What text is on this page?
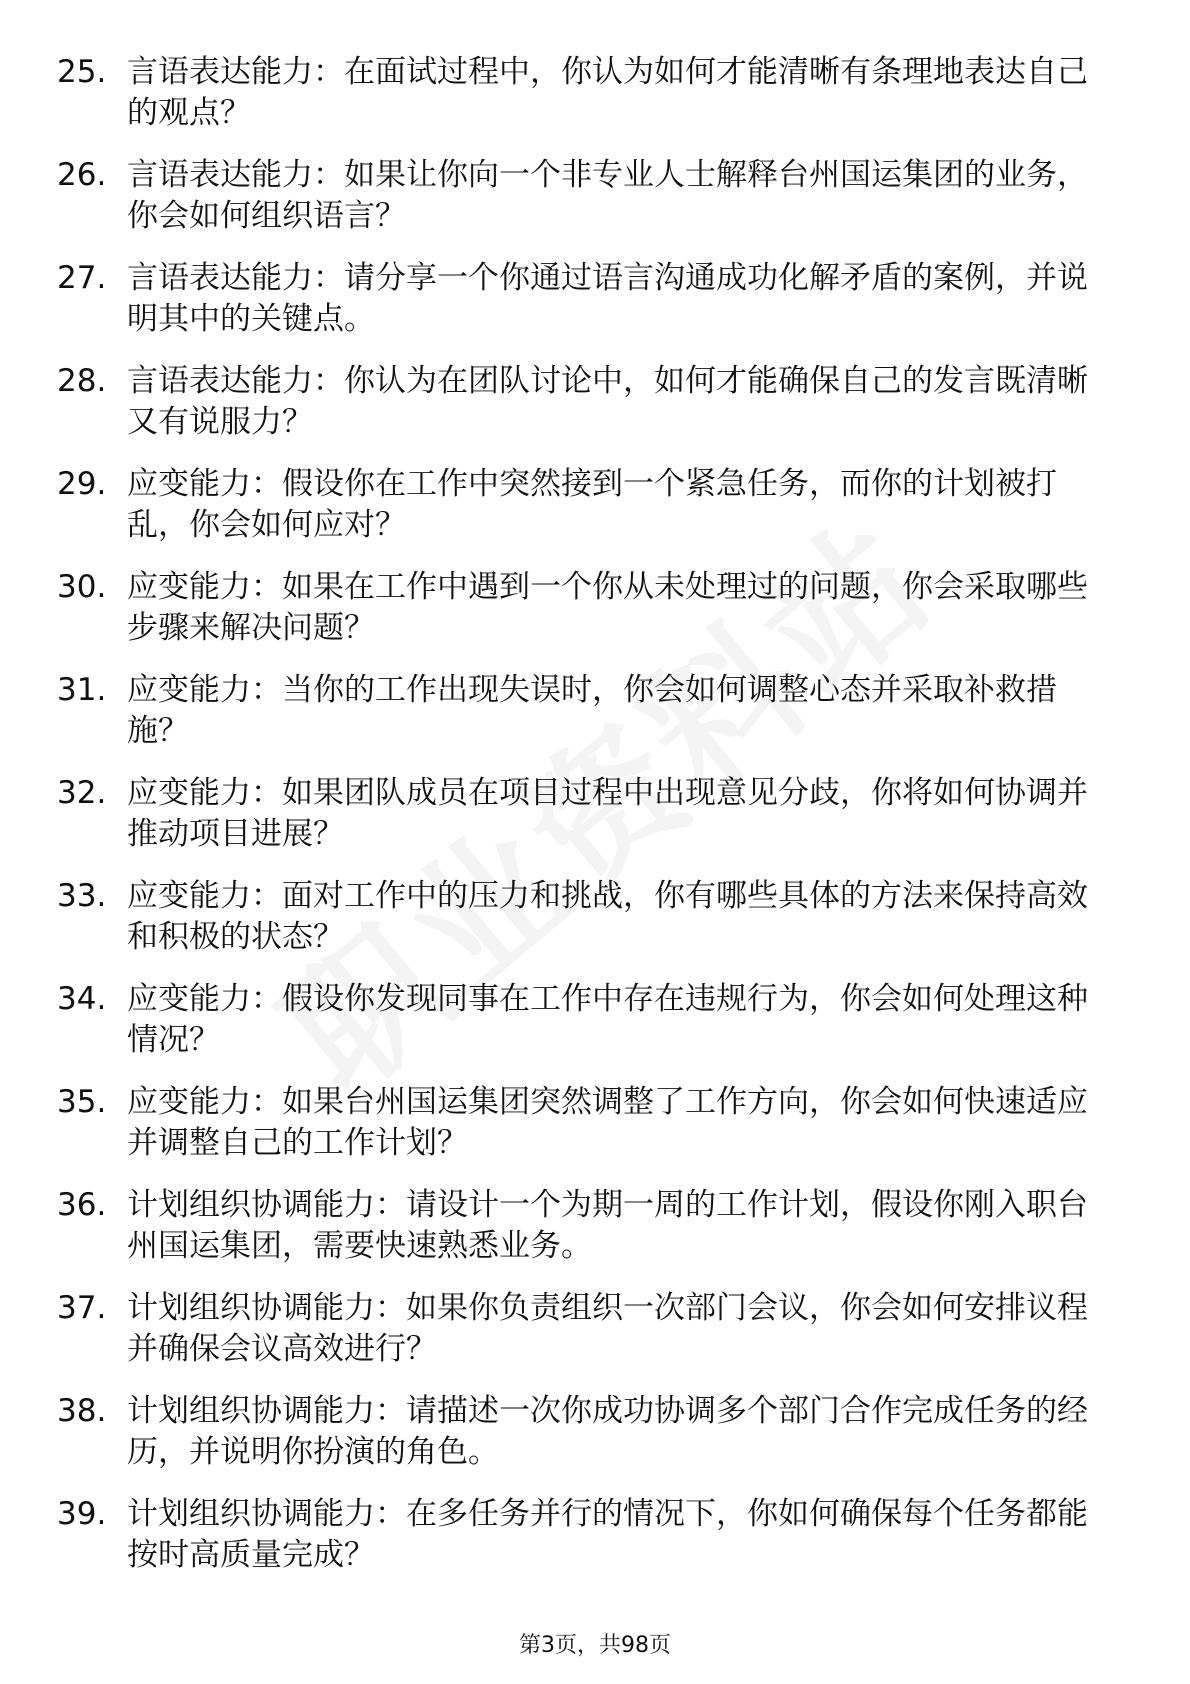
25. 言语表达能力：在面试过程中，你认为如何才能清晰有条理地表达自己的观点？
26. 言语表达能力：如果让你向一个非专业人士解释台州国运集团的业务，你会如何组织语言？
27. 言语表达能力：请分享一个你通过语言沟通成功化解矛盾的案例，并说明其中的关键点。
28. 言语表达能力：你认为在团队讨论中，如何才能确保自己的发言既清晰又有说服力？
29. 应变能力：假设你在工作中突然接到一个紧急任务，而你的计划被打乱，你会如何应对？
30. 应变能力：如果在工作中遇到一个你从未处理过的问题，你会采取哪些步骤来解决问题？
31. 应变能力：当你的工作出现失误时，你会如何调整心态并采取补救措施？
32. 应变能力：如果团队成员在项目过程中出现意见分歧，你将如何协调并推动项目进展？
33. 应变能力：面对工作中的压力和挑战，你有哪些具体的方法来保持高效和积极的状态？
34. 应变能力：假设你发现同事在工作中存在违规行为，你会如何处理这种情况？
35. 应变能力：如果台州国运集团突然调整了工作方向，你会如何快速适应并调整自己的工作计划？
36. 计划组织协调能力：请设计一个为期一周的工作计划，假设你刚入职台州国运集团，需要快速熟悉业务。
37. 计划组织协调能力：如果你负责组织一次部门会议，你会如何安排议程并确保会议高效进行？
38. 计划组织协调能力：请描述一次你成功协调多个部门合作完成任务的经历，并说明你扮演的角色。
39. 计划组织协调能力：在多任务并行的情况下，你如何确保每个任务都能按时高质量完成？
第3页，共98页
